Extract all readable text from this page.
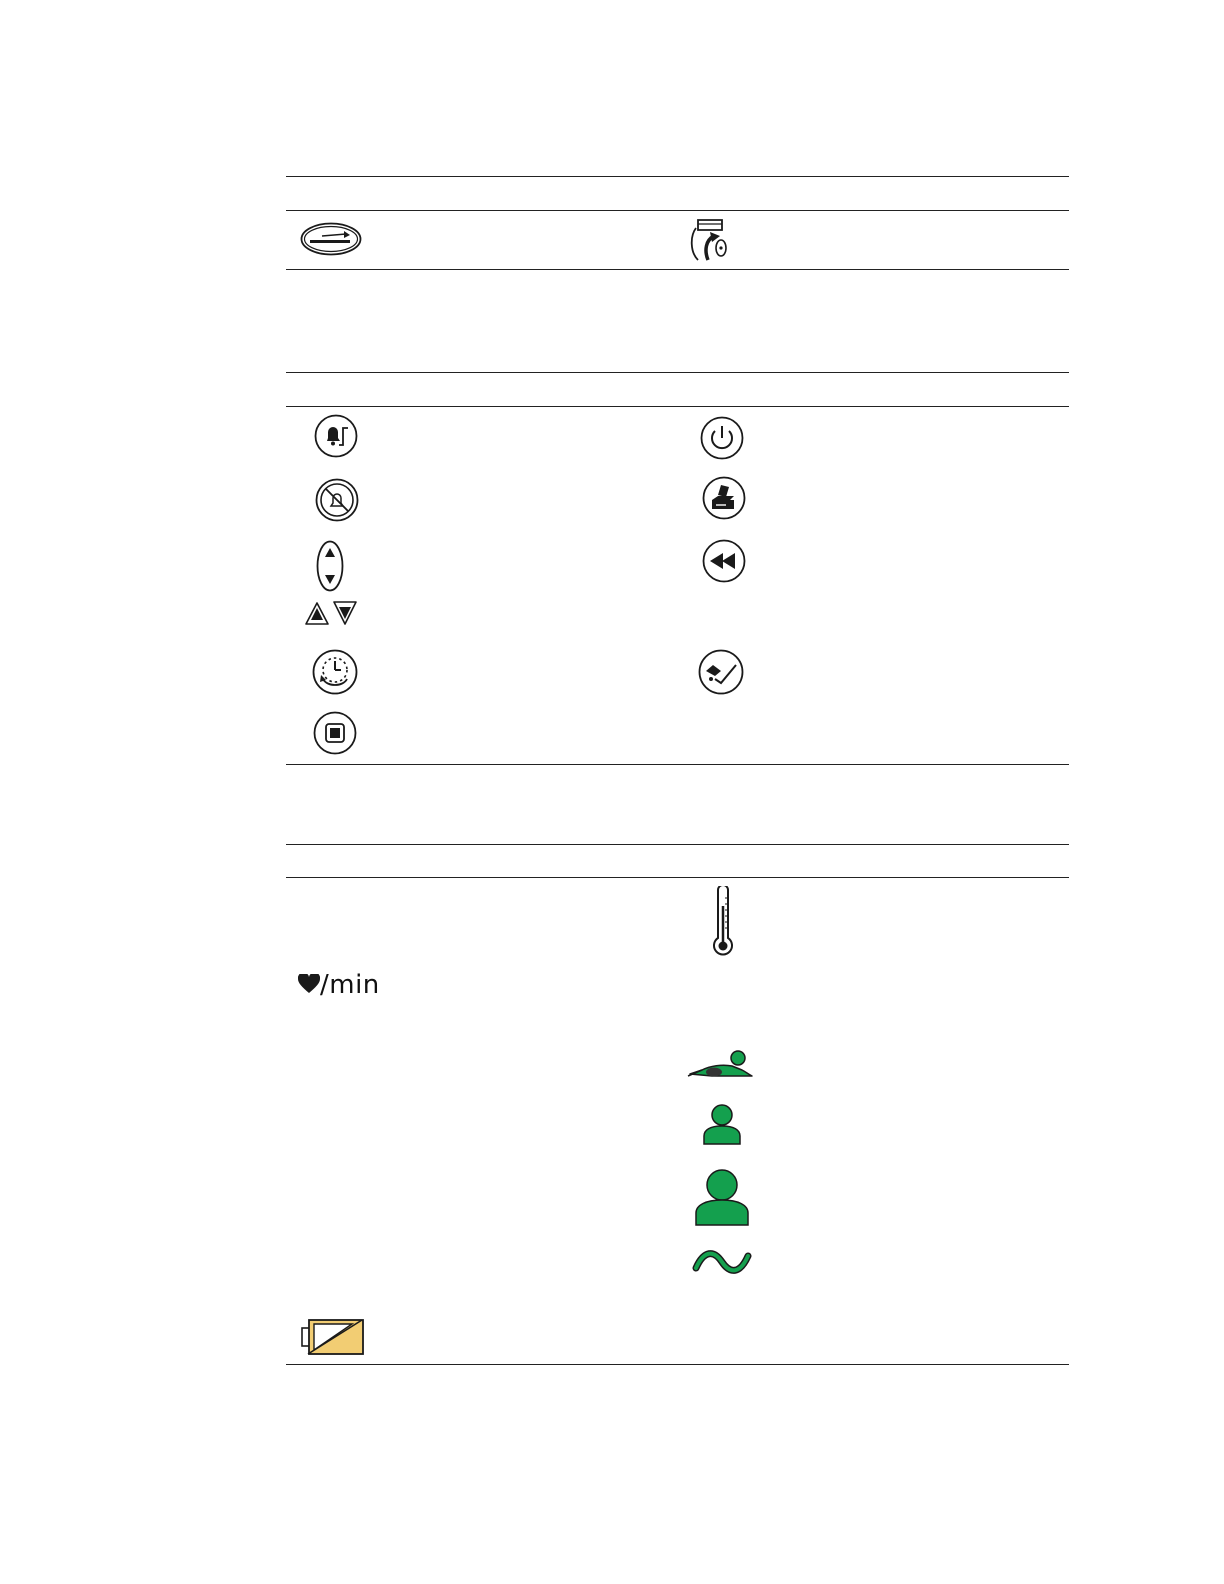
/min
